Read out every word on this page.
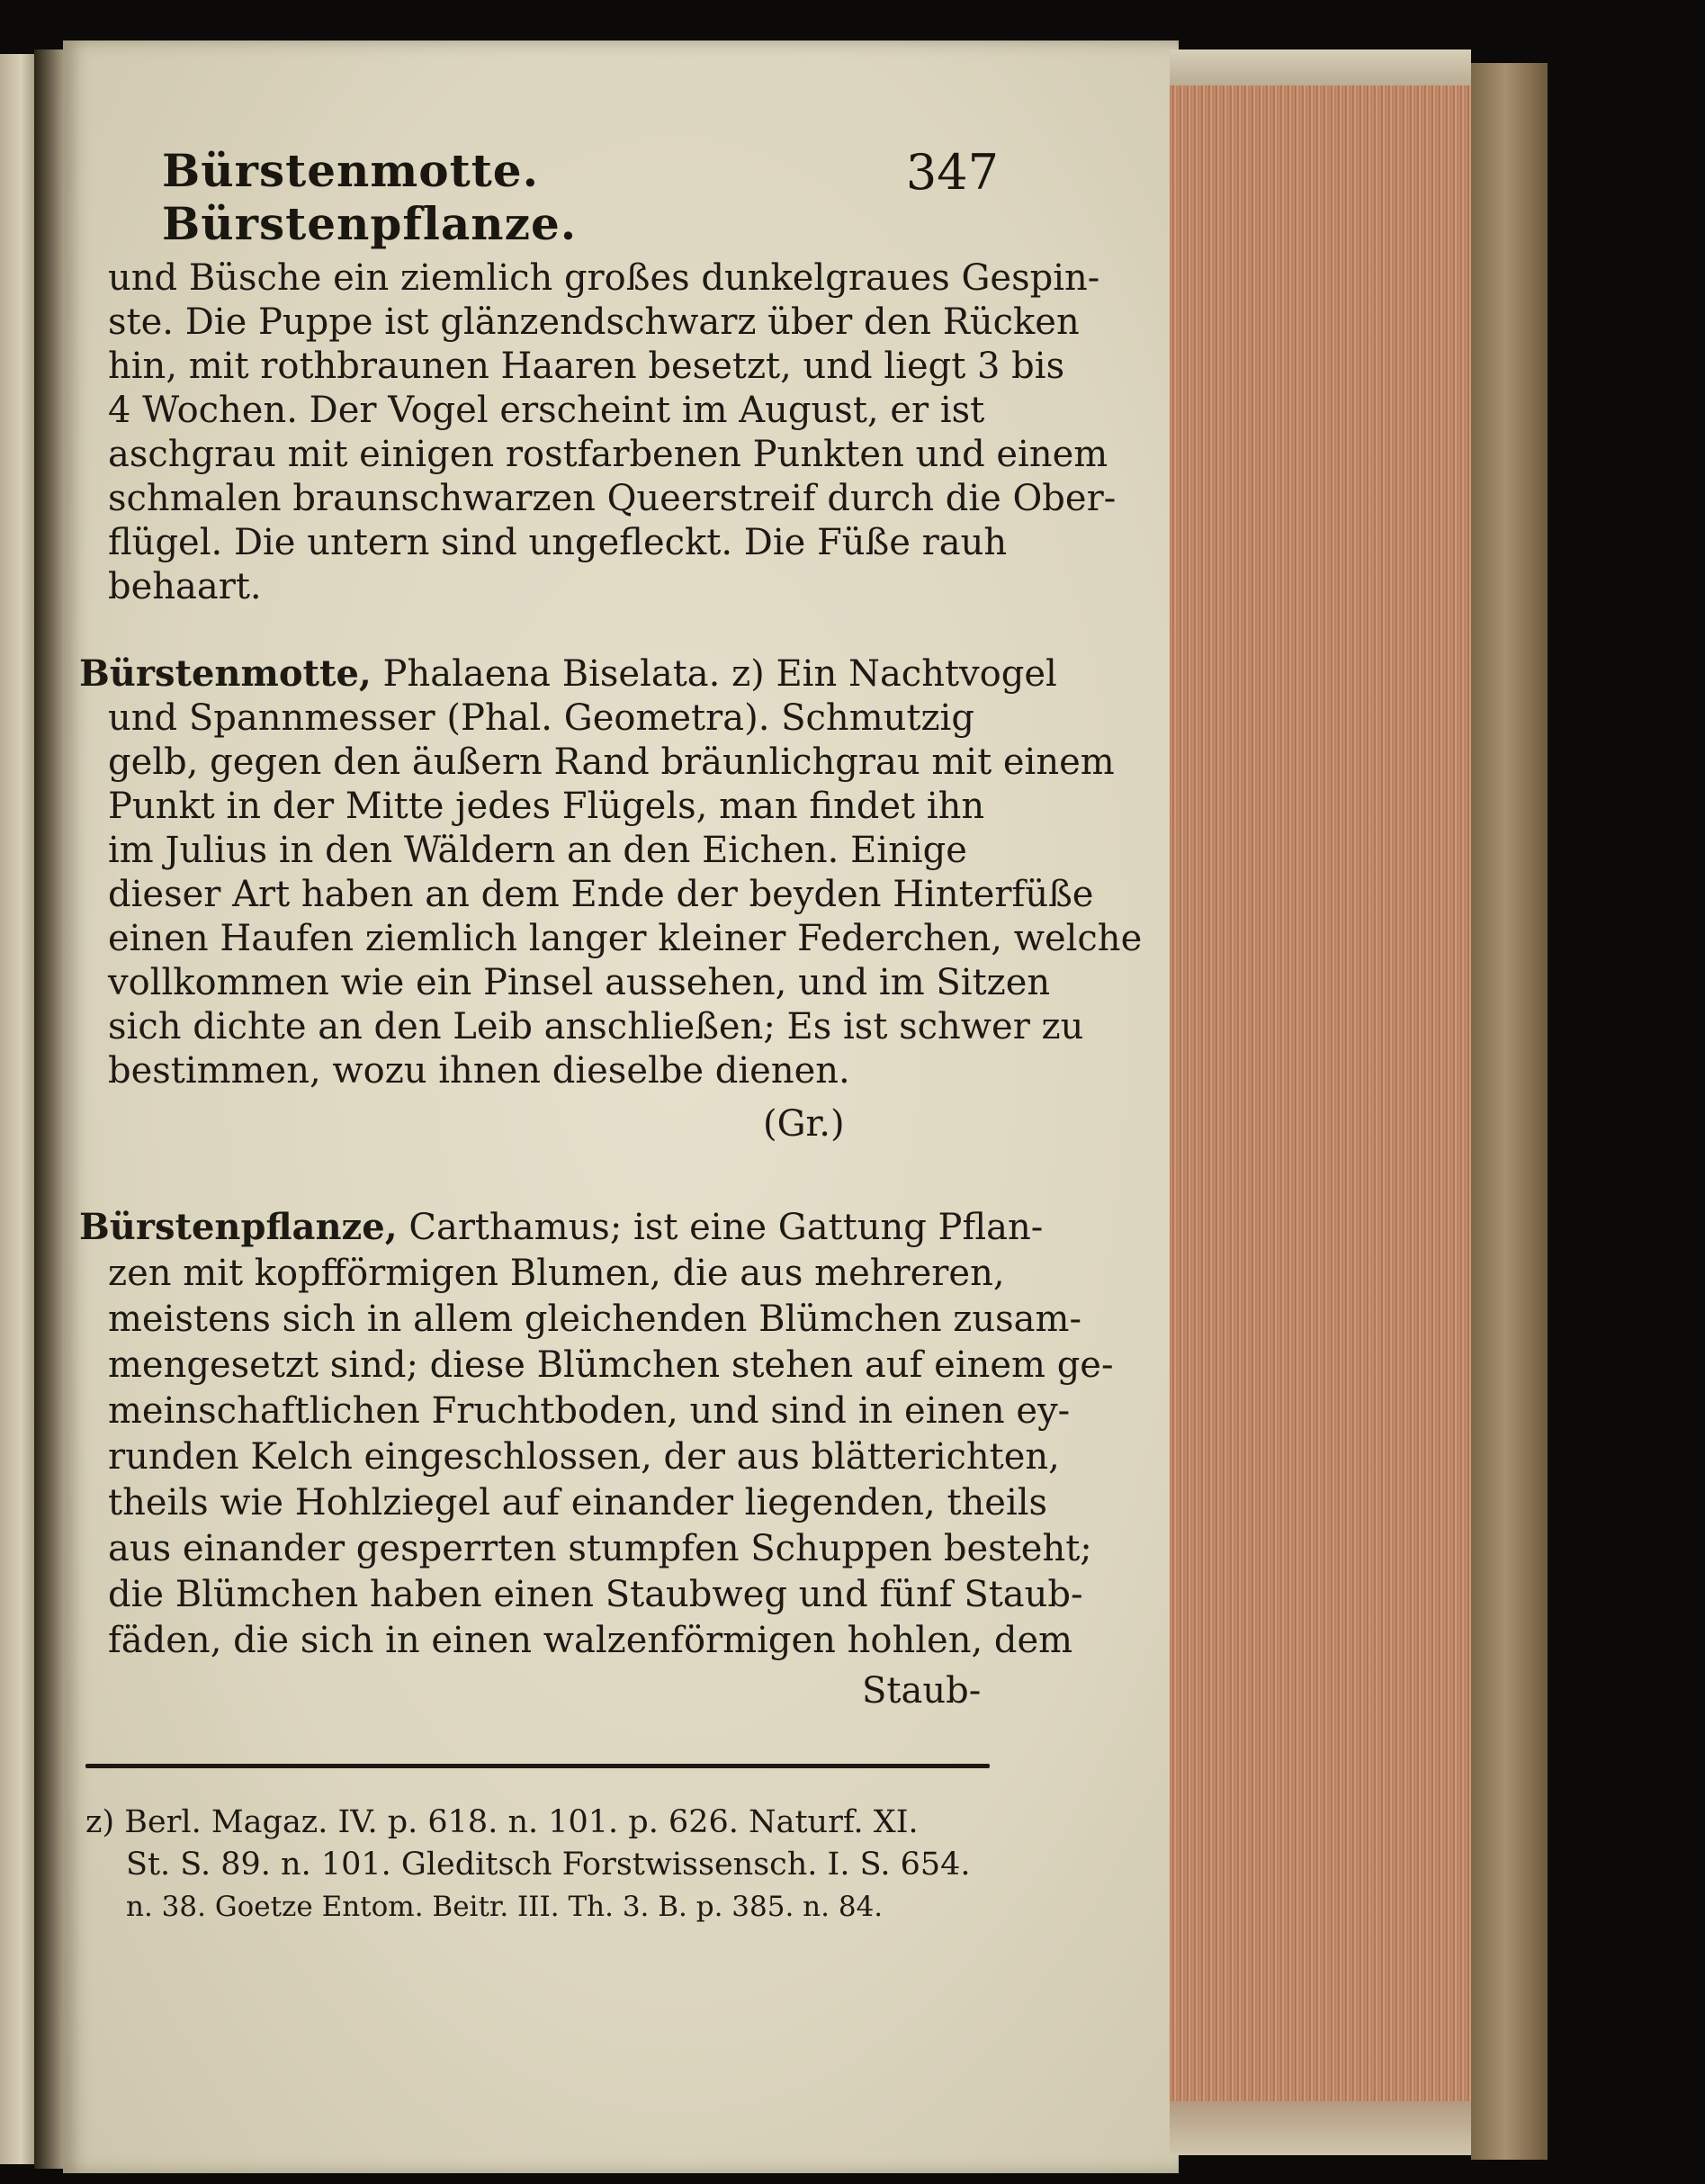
Bürstenmotte.     Bürstenpflanze.
347
und Büsche ein ziemlich großes dunkelgraues Gespin-
ste. Die Puppe ist glänzendschwarz über den Rücken
hin, mit rothbraunen Haaren besetzt, und liegt 3 bis
4 Wochen. Der Vogel erscheint im August, er ist
aschgrau mit einigen rostfarbenen Punkten und einem
schmalen braunschwarzen Queerstreif durch die Ober-
flügel. Die untern sind ungefleckt. Die Füße rauh
behaart.
Bürstenmotte, Phalaena Biselata. z) Ein Nachtvogel
und Spannmesser (Phal. Geometra). Schmutzig
gelb, gegen den äußern Rand bräunlichgrau mit einem
Punkt in der Mitte jedes Flügels, man findet ihn
im Julius in den Wäldern an den Eichen. Einige
dieser Art haben an dem Ende der beyden Hinterfüße
einen Haufen ziemlich langer kleiner Federchen, welche
vollkommen wie ein Pinsel aussehen, und im Sitzen
sich dichte an den Leib anschließen; Es ist schwer zu
bestimmen, wozu ihnen dieselbe dienen.
(Gr.)
Bürstenpflanze, Carthamus; ist eine Gattung Pflan-
zen mit kopfförmigen Blumen, die aus mehreren,
meistens sich in allem gleichenden Blümchen zusam-
mengesetzt sind; diese Blümchen stehen auf einem ge-
meinschaftlichen Fruchtboden, und sind in einen ey-
runden Kelch eingeschlossen, der aus blätterichten,
theils wie Hohlziegel auf einander liegenden, theils
aus einander gesperrten stumpfen Schuppen besteht;
die Blümchen haben einen Staubweg und fünf Staub-
fäden, die sich in einen walzenförmigen hohlen, dem
Staub-
z) Berl. Magaz. IV. p. 618. n. 101. p. 626. Naturf. XI.
St. S. 89. n. 101. Gleditsch Forstwissensch. I. S. 654.
n. 38. Goetze Entom. Beitr. III. Th. 3. B. p. 385. n. 84.
